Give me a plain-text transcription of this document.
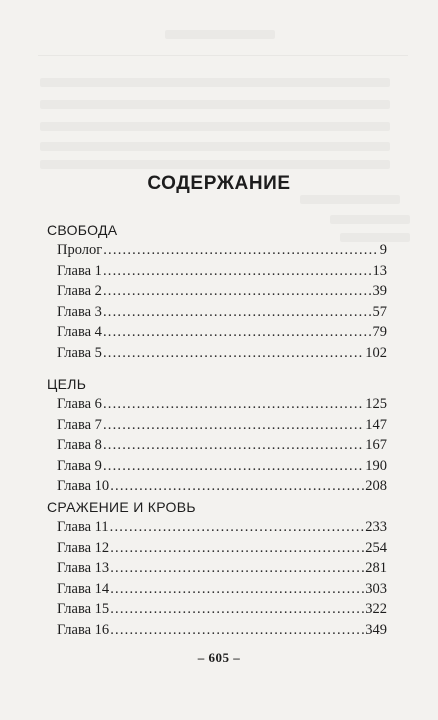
СОДЕРЖАНИЕ
СВОБОДА
Пролог .....	9
Глава 1 .....	13
Глава 2 .....	39
Глава 3 .....	57
Глава 4 .....	79
Глава 5 .....	102
ЦЕЛЬ
Глава 6 .....	125
Глава 7 .....	147
Глава 8 .....	167
Глава 9 .....	190
Глава 10 .....	208
СРАЖЕНИЕ И КРОВЬ
Глава 11 .....	233
Глава 12 .....	254
Глава 13 .....	281
Глава 14 .....	303
Глава 15 .....	322
Глава 16 .....	349
– 605 –
